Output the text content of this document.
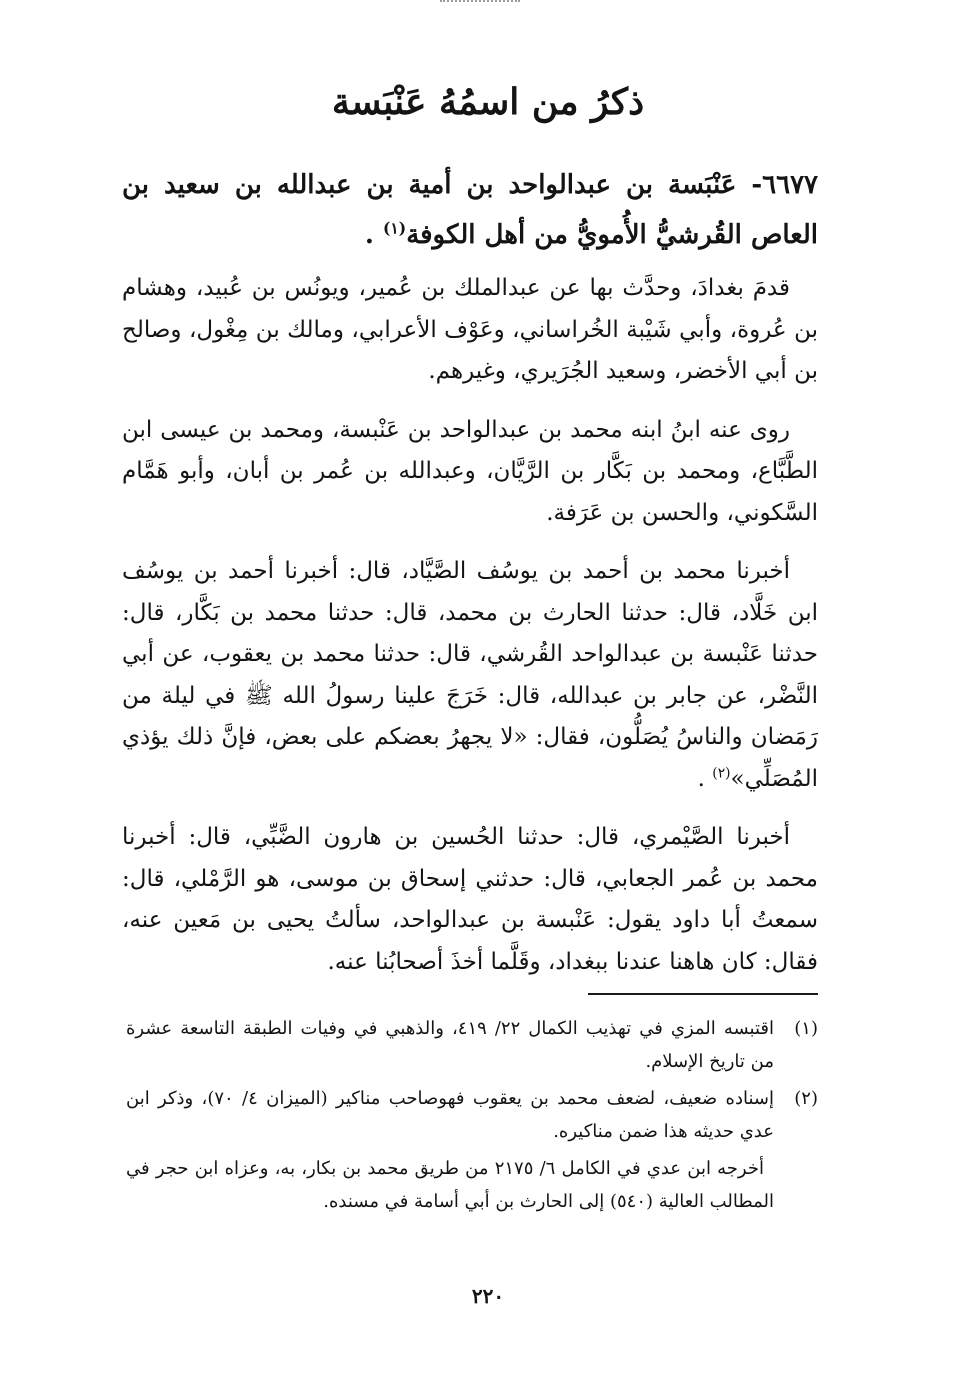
ذكرُ من اسمُهُ عَنْبَسة
٦٦٧٧- عَنْبَسة بن عبدالواحد بن أمية بن عبدالله بن سعيد بن العاص القُرشيُّ الأُمويُّ من أهل الكوفة$^{(١)}$ .

قدمَ بغدادَ، وحدَّث بها عن عبدالملك بن عُمير، ويونُس بن عُبيد، وهشام بن عُروة، وأبي شَيْبة الخُراساني، وعَوْف الأعرابي، ومالك بن مِغْول، وصالح بن أبي الأخضر، وسعيد الجُرَيري، وغيرهم.

روى عنه ابنُ ابنه محمد بن عبدالواحد بن عَنْبسة، ومحمد بن عيسى ابن الطَّبَّاع، ومحمد بن بَكَّار بن الرَّيَّان، وعبدالله بن عُمر بن أبان، وأبو هَمَّام السَّكوني، والحسن بن عَرَفة.

أخبرنا محمد بن أحمد بن يوسُف الصَّيَّاد، قال: أخبرنا أحمد بن يوسُف ابن خَلَّاد، قال: حدثنا الحارث بن محمد، قال: حدثنا محمد بن بَكَّار، قال: حدثنا عَنْبسة بن عبدالواحد القُرشي، قال: حدثنا محمد بن يعقوب، عن أبي النَّضْر، عن جابر بن عبدالله، قال: خَرَجَ علينا رسولُ الله ﷺ في ليلة من رَمَضان والناسُ يُصَلُّون، فقال: «لا يجهرُ بعضكم على بعض، فإنَّ ذلك يؤذي المُصَلِّي»$^{(٢)}$ .

أخبرنا الصَّيْمري، قال: حدثنا الحُسين بن هارون الضَّبِّي، قال: أخبرنا محمد بن عُمر الجعابي، قال: حدثني إسحاق بن موسى، هو الرَّمْلي، قال: سمعتُ أبا داود يقول: عَنْبسة بن عبدالواحد، سألتُ يحيى بن مَعين عنه، فقال: كان هاهنا عندنا ببغداد، وقَلَّما أخذَ أصحابُنا عنه.

(١)
اقتبسه المزي في تهذيب الكمال ٢٢/ ٤١٩، والذهبي في وفيات الطبقة التاسعة عشرة من تاريخ الإسلام.
(٢)
إسناده ضعيف، لضعف محمد بن يعقوب فهوصاحب مناكير (الميزان ٤/ ٧٠)، وذكر ابن عدي حديثه هذا ضمن مناكيره.
أخرجه ابن عدي في الكامل ٦/ ٢١٧٥ من طريق محمد بن بكار، به، وعزاه ابن حجر في المطالب العالية (٥٤٠) إلى الحارث بن أبي أسامة في مسنده.
٢٢٠
